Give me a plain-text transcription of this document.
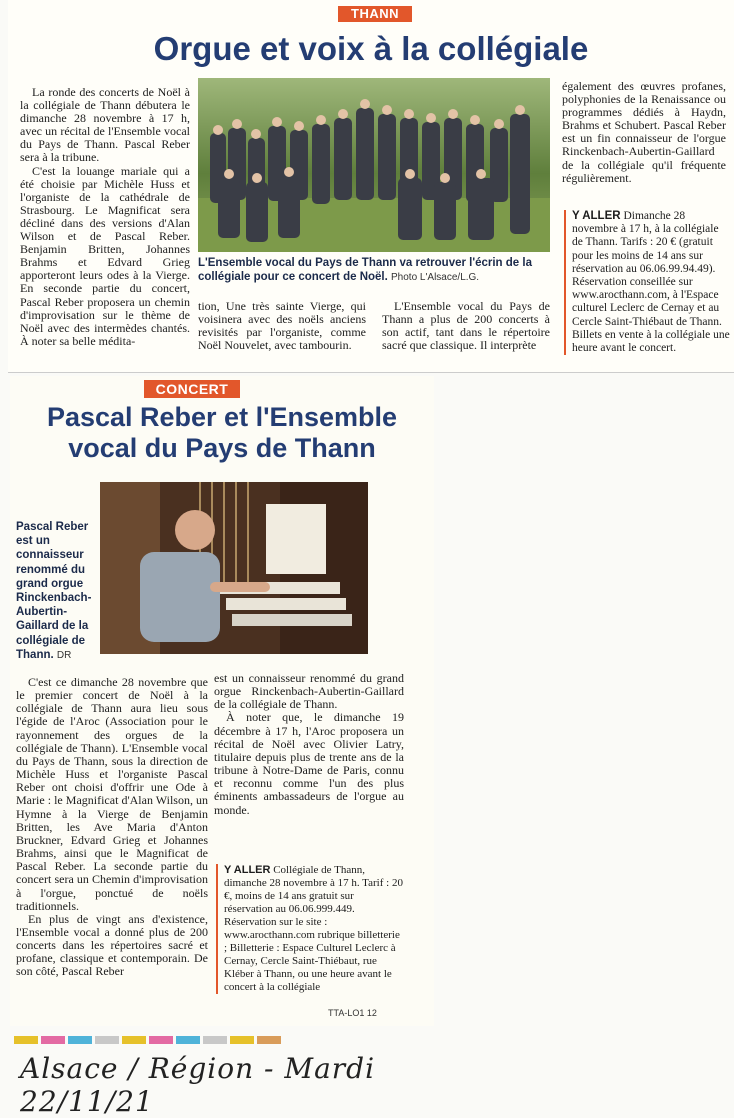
THANN
Orgue et voix à la collégiale

La ronde des concerts de Noël à la collégiale de Thann débutera le dimanche 28 novembre à 17 h, avec un récital de l'Ensemble vocal du Pays de Thann. Pascal Reber sera à la tribune.

C'est la louange mariale qui a été choisie par Michèle Huss et l'organiste de la cathédrale de Strasbourg. Le Magnificat sera décliné dans des versions d'Alan Wilson et de Pascal Reber. Benjamin Britten, Johannes Brahms et Edvard Grieg apporteront leurs odes à la Vierge. En seconde partie du concert, Pascal Reber proposera un chemin d'improvisation sur le thème de Noël avec des intermèdes chantés. À noter sa belle médita-

L'Ensemble vocal du Pays de Thann va retrouver l'écrin de la collégiale pour ce concert de Noël. Photo L'Alsace/L.G.

tion, Une très sainte Vierge, qui voisinera avec des noëls anciens revisités par l'organiste, comme Noël Nouvelet, avec tambourin.

L'Ensemble vocal du Pays de Thann a plus de 200 concerts à son actif, tant dans le répertoire sacré que classique. Il interprète

également des œuvres profanes, polyphonies de la Renaissance ou programmes dédiés à Haydn, Brahms et Schubert. Pascal Reber est un fin connaisseur de l'orgue Rinckenbach-Aubertin-Gaillard de la collégiale qu'il fréquente régulièrement.

Y ALLER Dimanche 28 novembre à 17 h, à la collégiale de Thann. Tarifs : 20 € (gratuit pour les moins de 14 ans sur réservation au 06.06.99.94.49). Réservation conseillée sur www.arocthann.com, à l'Espace culturel Leclerc de Cernay et au Cercle Saint-Thiébaut de Thann. Billets en vente à la collégiale une heure avant le concert.
CONCERT
Pascal Reber et l'Ensemble
vocal du Pays de Thann

Pascal Reber est un connaisseur renommé du grand orgue Rinckenbach-Aubertin-Gaillard de la collégiale de Thann. DR

C'est ce dimanche 28 novembre que le premier concert de Noël à la collégiale de Thann aura lieu sous l'égide de l'Aroc (Association pour le rayonnement des orgues de la collégiale de Thann). L'Ensemble vocal du Pays de Thann, sous la direction de Michèle Huss et l'organiste Pascal Reber ont choisi d'offrir une Ode à Marie : le Magnificat d'Alan Wilson, un Hymne à la Vierge de Benjamin Britten, les Ave Maria d'Anton Bruckner, Edvard Grieg et Johannes Brahms, ainsi que le Magnificat de Pascal Reber. La seconde partie du concert sera un Chemin d'improvisation à l'orgue, ponctué de noëls traditionnels.

En plus de vingt ans d'existence, l'Ensemble vocal a donné plus de 200 concerts dans les répertoires sacré et profane, classique et contemporain. De son côté, Pascal Reber

est un connaisseur renommé du grand orgue Rinckenbach-Aubertin-Gaillard de la collégiale de Thann.

À noter que, le dimanche 19 décembre à 17 h, l'Aroc proposera un récital de Noël avec Olivier Latry, titulaire depuis plus de trente ans de la tribune à Notre-Dame de Paris, connu et reconnu comme l'un des plus éminents ambassadeurs de l'orgue au monde.

Y ALLER Collégiale de Thann, dimanche 28 novembre à 17 h. Tarif : 20 €, moins de 14 ans gratuit sur réservation au 06.06.999.449. Réservation sur le site : www.arocthann.com rubrique billetterie ; Billetterie : Espace Culturel Leclerc à Cernay, Cercle Saint-Thiébaut, rue Kléber à Thann, ou une heure avant le concert à la collégiale
TTA-LO1 12
Alsace / Région - Mardi 22/11/21
